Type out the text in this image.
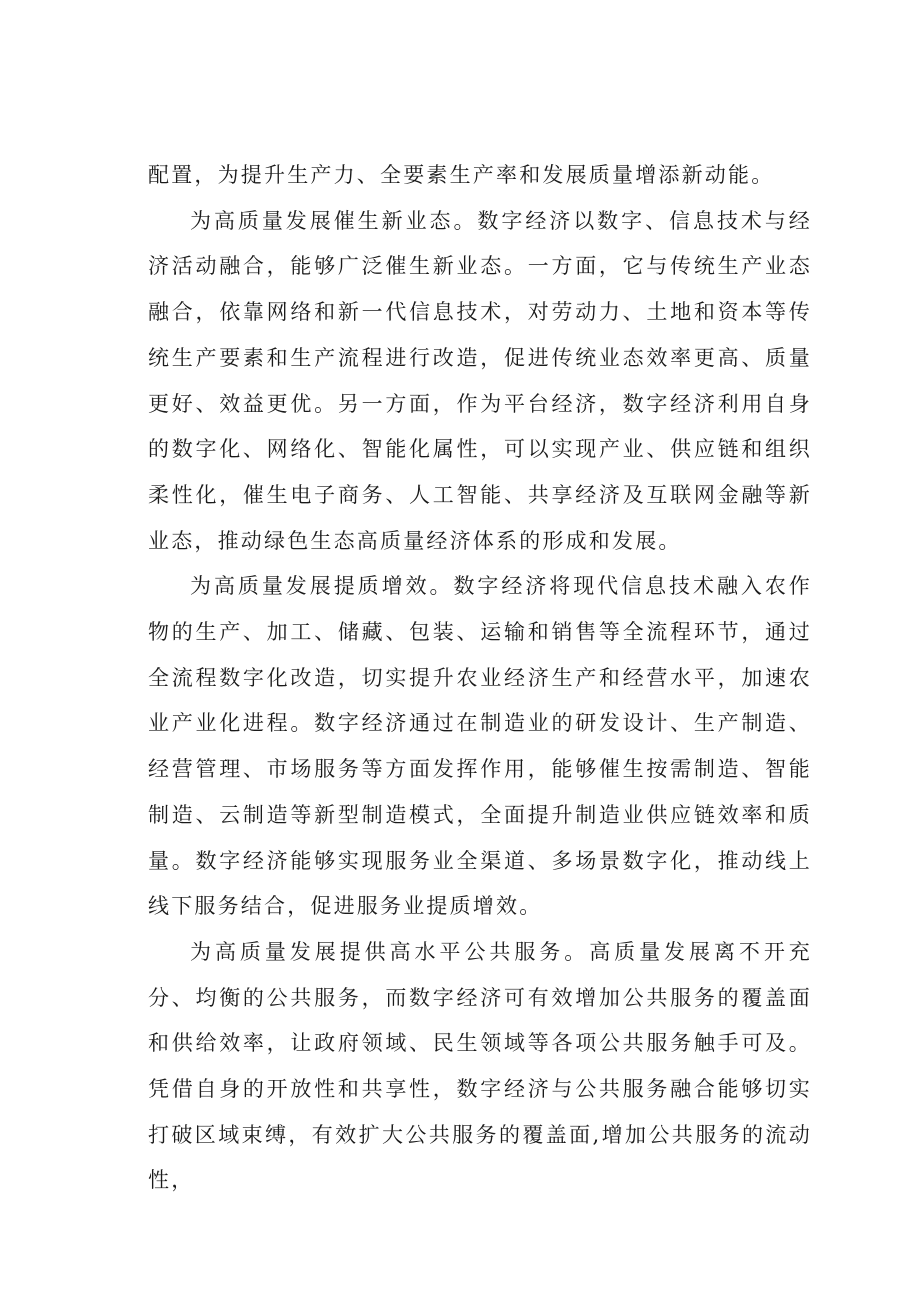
配置，为提升生产力、全要素生产率和发展质量增添新动能。

为高质量发展催生新业态。数字经济以数字、信息技术与经济活动融合，能够广泛催生新业态。一方面，它与传统生产业态融合，依靠网络和新一代信息技术，对劳动力、土地和资本等传统生产要素和生产流程进行改造，促进传统业态效率更高、质量更好、效益更优。另一方面，作为平台经济，数字经济利用自身的数字化、网络化、智能化属性，可以实现产业、供应链和组织柔性化，催生电子商务、人工智能、共享经济及互联网金融等新业态，推动绿色生态高质量经济体系的形成和发展。

为高质量发展提质增效。数字经济将现代信息技术融入农作物的生产、加工、储藏、包装、运输和销售等全流程环节，通过全流程数字化改造，切实提升农业经济生产和经营水平，加速农业产业化进程。数字经济通过在制造业的研发设计、生产制造、经营管理、市场服务等方面发挥作用，能够催生按需制造、智能制造、云制造等新型制造模式，全面提升制造业供应链效率和质量。数字经济能够实现服务业全渠道、多场景数字化，推动线上线下服务结合，促进服务业提质增效。

为高质量发展提供高水平公共服务。高质量发展离不开充分、均衡的公共服务，而数字经济可有效增加公共服务的覆盖面和供给效率，让政府领域、民生领域等各项公共服务触手可及。凭借自身的开放性和共享性，数字经济与公共服务融合能够切实打破区域束缚，有效扩大公共服务的覆盖面,增加公共服务的流动性，
